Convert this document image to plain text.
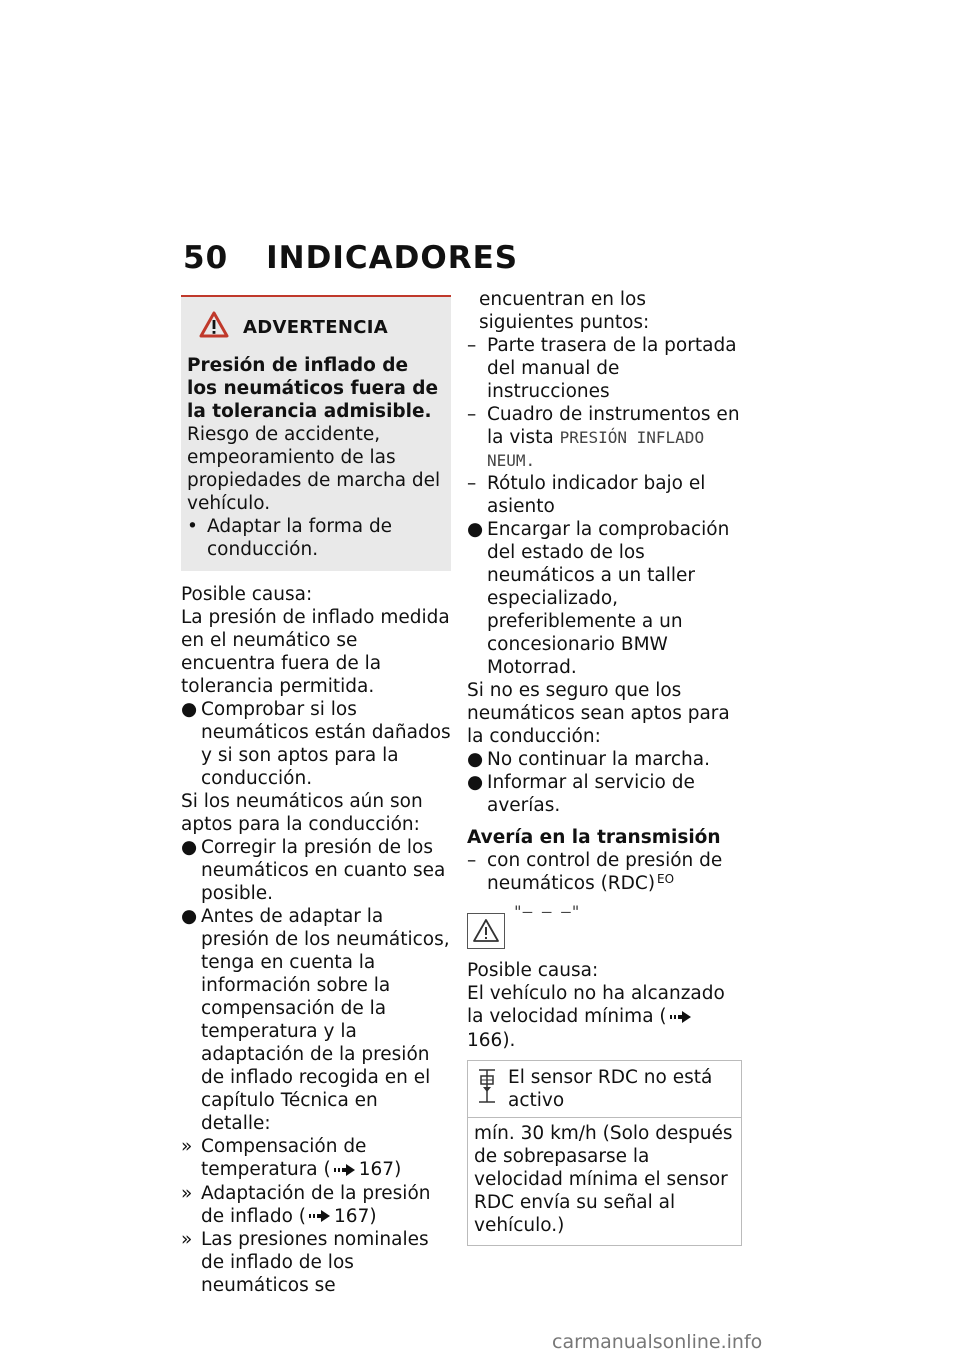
50 INDICADORES
ADVERTENCIA

Presión de inflado de los neumáticos fuera de la tolerancia admisible.

Riesgo de accidente, empeoramiento de las propiedades de marcha del vehículo.

• Adaptar la forma de conducción.

Posible causa:

La presión de inflado medida en el neumático se encuentra fuera de la tolerancia permitida.

● Comprobar si los neumáticos están dañados y si son aptos para la conducción.

Si los neumáticos aún son aptos para la conducción:

● Corregir la presión de los neumáticos en cuanto sea posible.
● Antes de adaptar la presión de los neumáticos, tenga en cuenta la información sobre la compensación de la temperatura y la adaptación de la presión de inflado recogida en el capítulo Técnica en detalle:
» Compensación de temperatura ( 167)
» Adaptación de la presión de inflado ( 167)
» Las presiones nominales de inflado de los neumáticos se

encuentran en los siguientes puntos:

– Parte trasera de la portada del manual de instrucciones
– Cuadro de instrumentos en la vista PRESIÓN INFLADO NEUM.
– Rótulo indicador bajo el asiento
● Encargar la comprobación del estado de los neumáticos a un taller especializado, preferiblemente a un concesionario BMW Motorrad.

Si no es seguro que los neumáticos sean aptos para la conducción:

● No continuar la marcha.
● Informar al servicio de averías.

Avería en la transmisión

– con control de presión de neumáticos (RDC) $^{EO}$
"– – –"

Posible causa:

El vehículo no ha alcanzado la velocidad mínima (166).

El sensor RDC no está activo
mín. 30 km/h (Solo después de sobrepasarse la velocidad mínima el sensor RDC envía su señal al vehículo.)
carmanualsonline.info
